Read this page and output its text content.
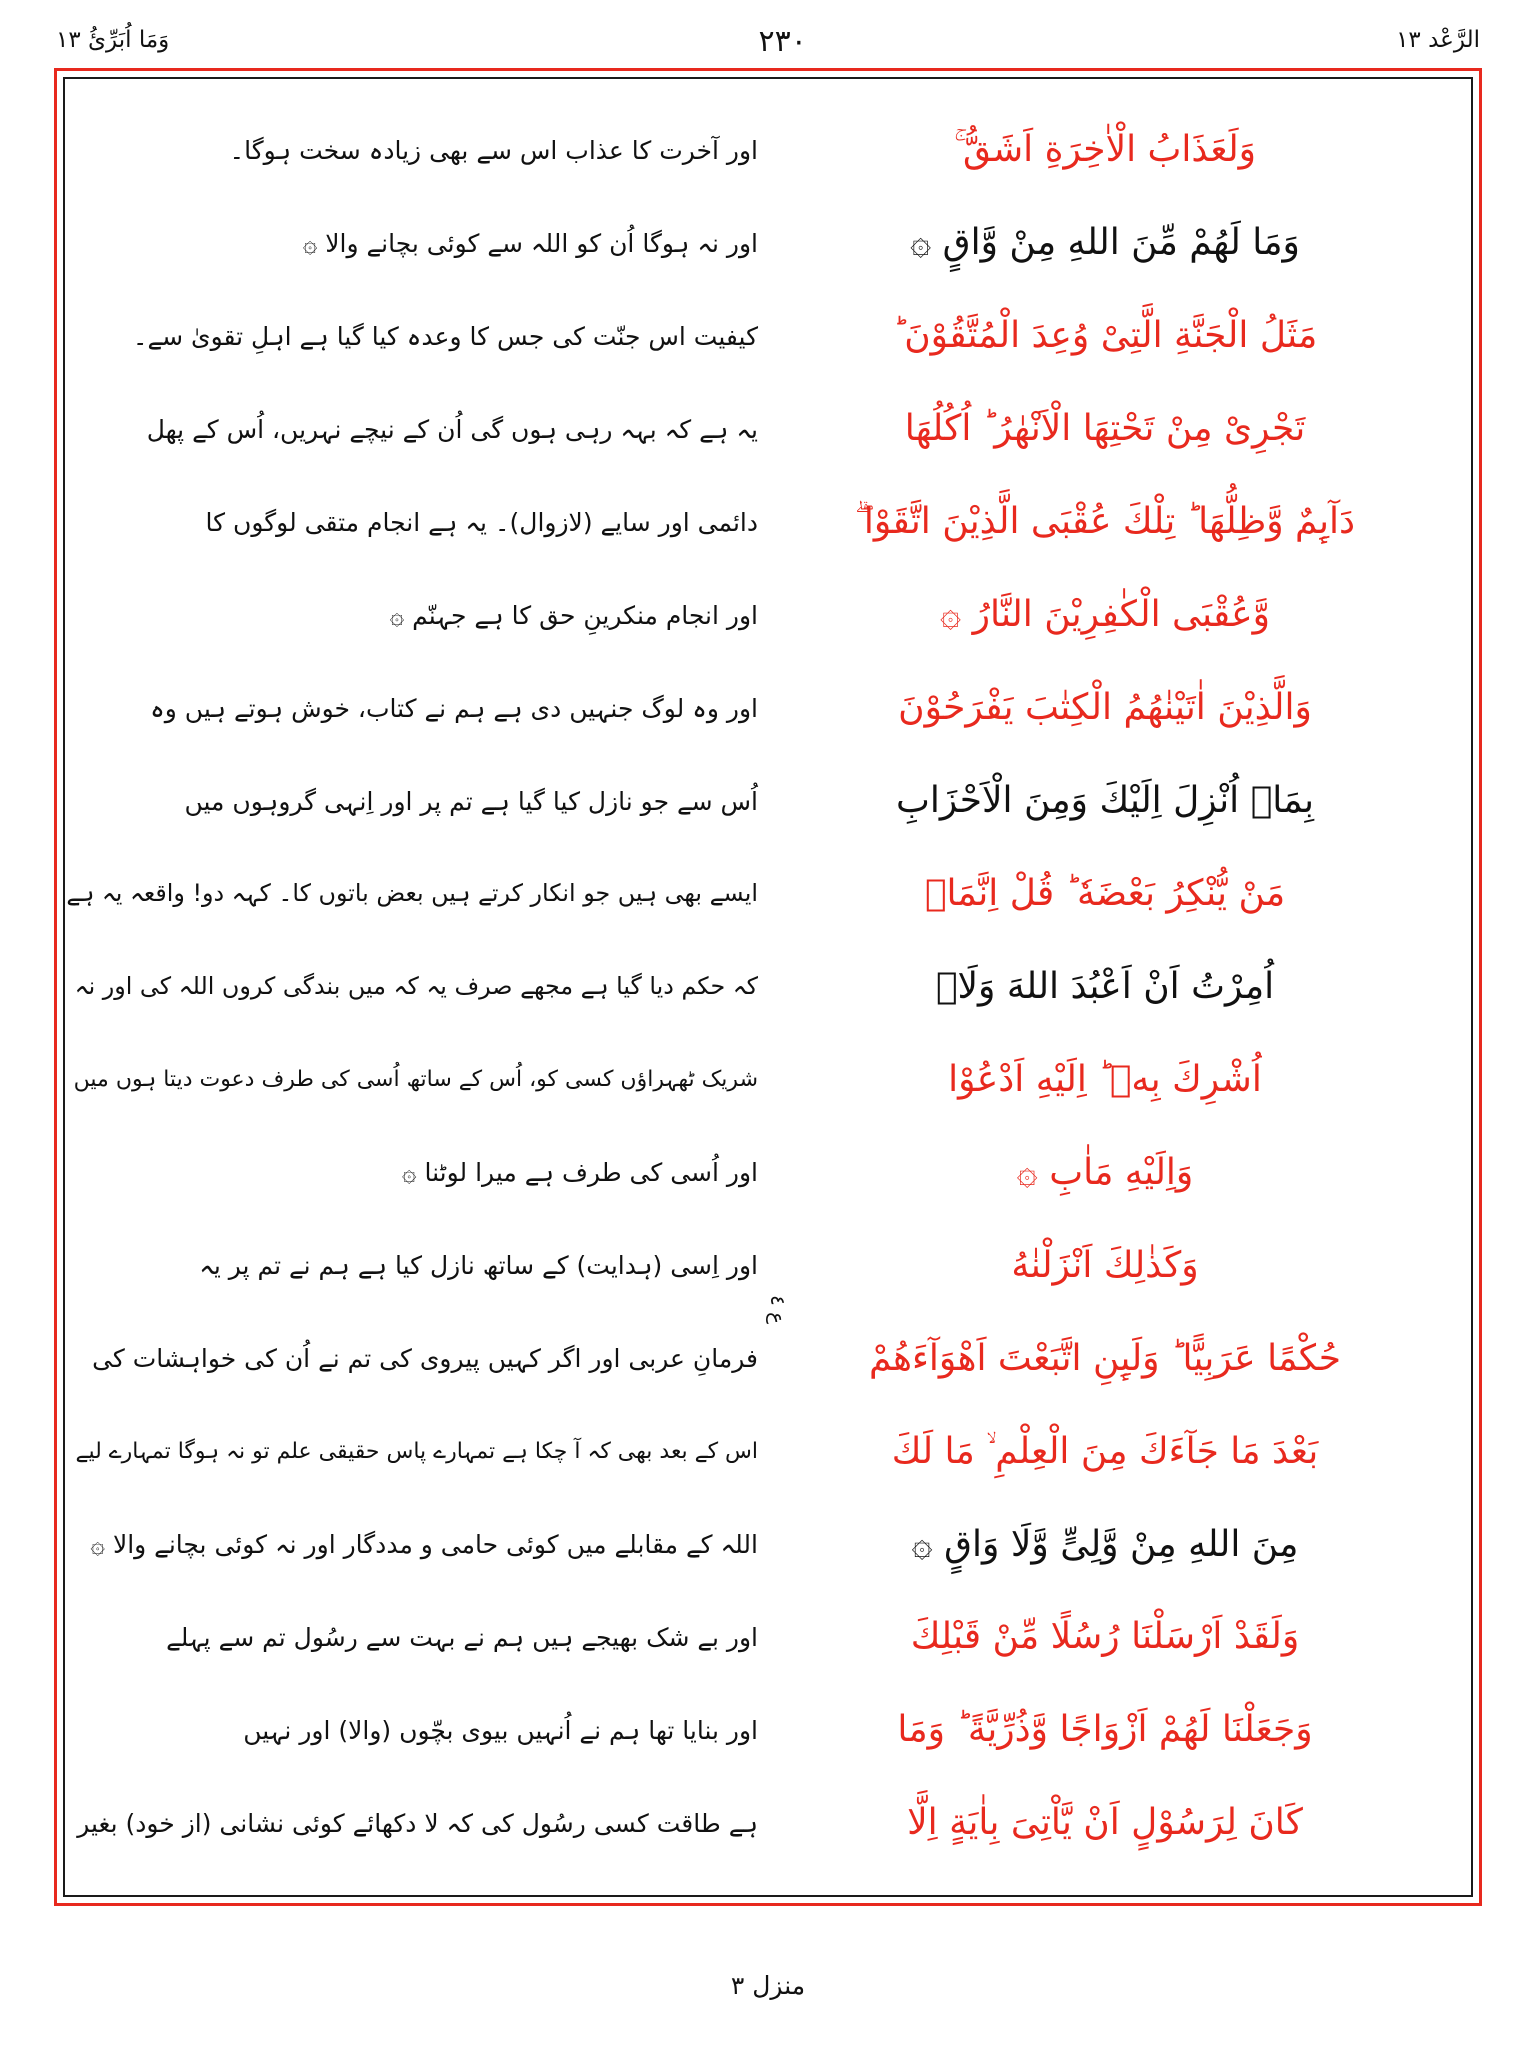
الرَّعْد ١٣
٢٣٠
وَمَا اُبَرِّئُ ١٣
وَلَعَذَابُ الْاٰخِرَةِ اَشَقُّ ۚ
وَمَا لَهُمْ مِّنَ اللهِ مِنْ وَّاقٍ ۞
مَثَلُ الْجَنَّةِ الَّتِیْ وُعِدَ الْمُتَّقُوْنَ ؕ
تَجْرِیْ مِنْ تَحْتِهَا الْاَنْهٰرُ ؕ اُكُلُهَا
دَآىِٕمٌ وَّظِلُّهَا ؕ تِلْكَ عُقْبَى الَّذِیْنَ اتَّقَوْا ۖۗ
وَّعُقْبَى الْكٰفِرِیْنَ النَّارُ ۞
وَالَّذِیْنَ اٰتَیْنٰهُمُ الْكِتٰبَ یَفْرَحُوْنَ
بِمَاۤ اُنْزِلَ اِلَیْكَ وَمِنَ الْاَحْزَابِ
مَنْ یُّنْكِرُ بَعْضَهٗ ؕ قُلْ اِنَّمَاۤ
اُمِرْتُ اَنْ اَعْبُدَ اللهَ وَلَاۤ
اُشْرِكَ بِهٖ ؕ اِلَیْهِ اَدْعُوْا
وَاِلَیْهِ مَاٰبِ ۞
وَكَذٰلِكَ اَنْزَلْنٰهُ
حُكْمًا عَرَبِیًّا ؕ وَلَىِٕنِ اتَّبَعْتَ اَهْوَآءَهُمْ
بَعْدَ مَا جَآءَكَ مِنَ الْعِلْمِ ۙ مَا لَكَ
مِنَ اللهِ مِنْ وَّلِیٍّ وَّلَا وَاقٍ ۞
وَلَقَدْ اَرْسَلْنَا رُسُلًا مِّنْ قَبْلِكَ
وَجَعَلْنَا لَهُمْ اَزْوَاجًا وَّذُرِّیَّةً ؕ وَمَا
كَانَ لِرَسُوْلٍ اَنْ یَّاْتِیَ بِاٰیَةٍ اِلَّا
ع ٤
اور آخرت کا عذاب اس سے بھی زیادہ سخت ہوگا۔
اور نہ ہوگا اُن کو اللہ سے کوئی بچانے والا ۞
کیفیت اس جنّت کی جس کا وعدہ کیا گیا ہے اہلِ تقویٰ سے۔
یہ ہے کہ بہہ رہی ہوں گی اُن کے نیچے نہریں، اُس کے پھل
دائمی اور سایے (لازوال)۔ یہ ہے انجام متقی لوگوں کا
اور انجام منکرینِ حق کا ہے جہنّم ۞
اور وہ لوگ جنہیں دی ہے ہم نے کتاب، خوش ہوتے ہیں وہ
اُس سے جو نازل کیا گیا ہے تم پر اور اِنہی گروہوں میں
ایسے بھی ہیں جو انکار کرتے ہیں بعض باتوں کا۔ کہہ دو! واقعہ یہ ہے
کہ حکم دیا گیا ہے مجھے صرف یہ کہ میں بندگی کروں اللہ کی اور نہ
شریک ٹھہراؤں کسی کو، اُس کے ساتھ اُسی کی طرف دعوت دیتا ہوں میں
اور اُسی کی طرف ہے میرا لوٹنا ۞
اور اِسی (ہدایت) کے ساتھ نازل کیا ہے ہم نے تم پر یہ
فرمانِ عربی اور اگر کہیں پیروی کی تم نے اُن کی خواہشات کی
اس کے بعد بھی کہ آ چکا ہے تمہارے پاس حقیقی علم تو نہ ہوگا تمہارے لیے
اللہ کے مقابلے میں کوئی حامی و مددگار اور نہ کوئی بچانے والا ۞
اور بے شک بھیجے ہیں ہم نے بہت سے رسُول تم سے پہلے
اور بنایا تھا ہم نے اُنہیں بیوی بچّوں (والا) اور نہیں
ہے طاقت کسی رسُول کی کہ لا دکھائے کوئی نشانی (از خود) بغیر
منزل ٣
